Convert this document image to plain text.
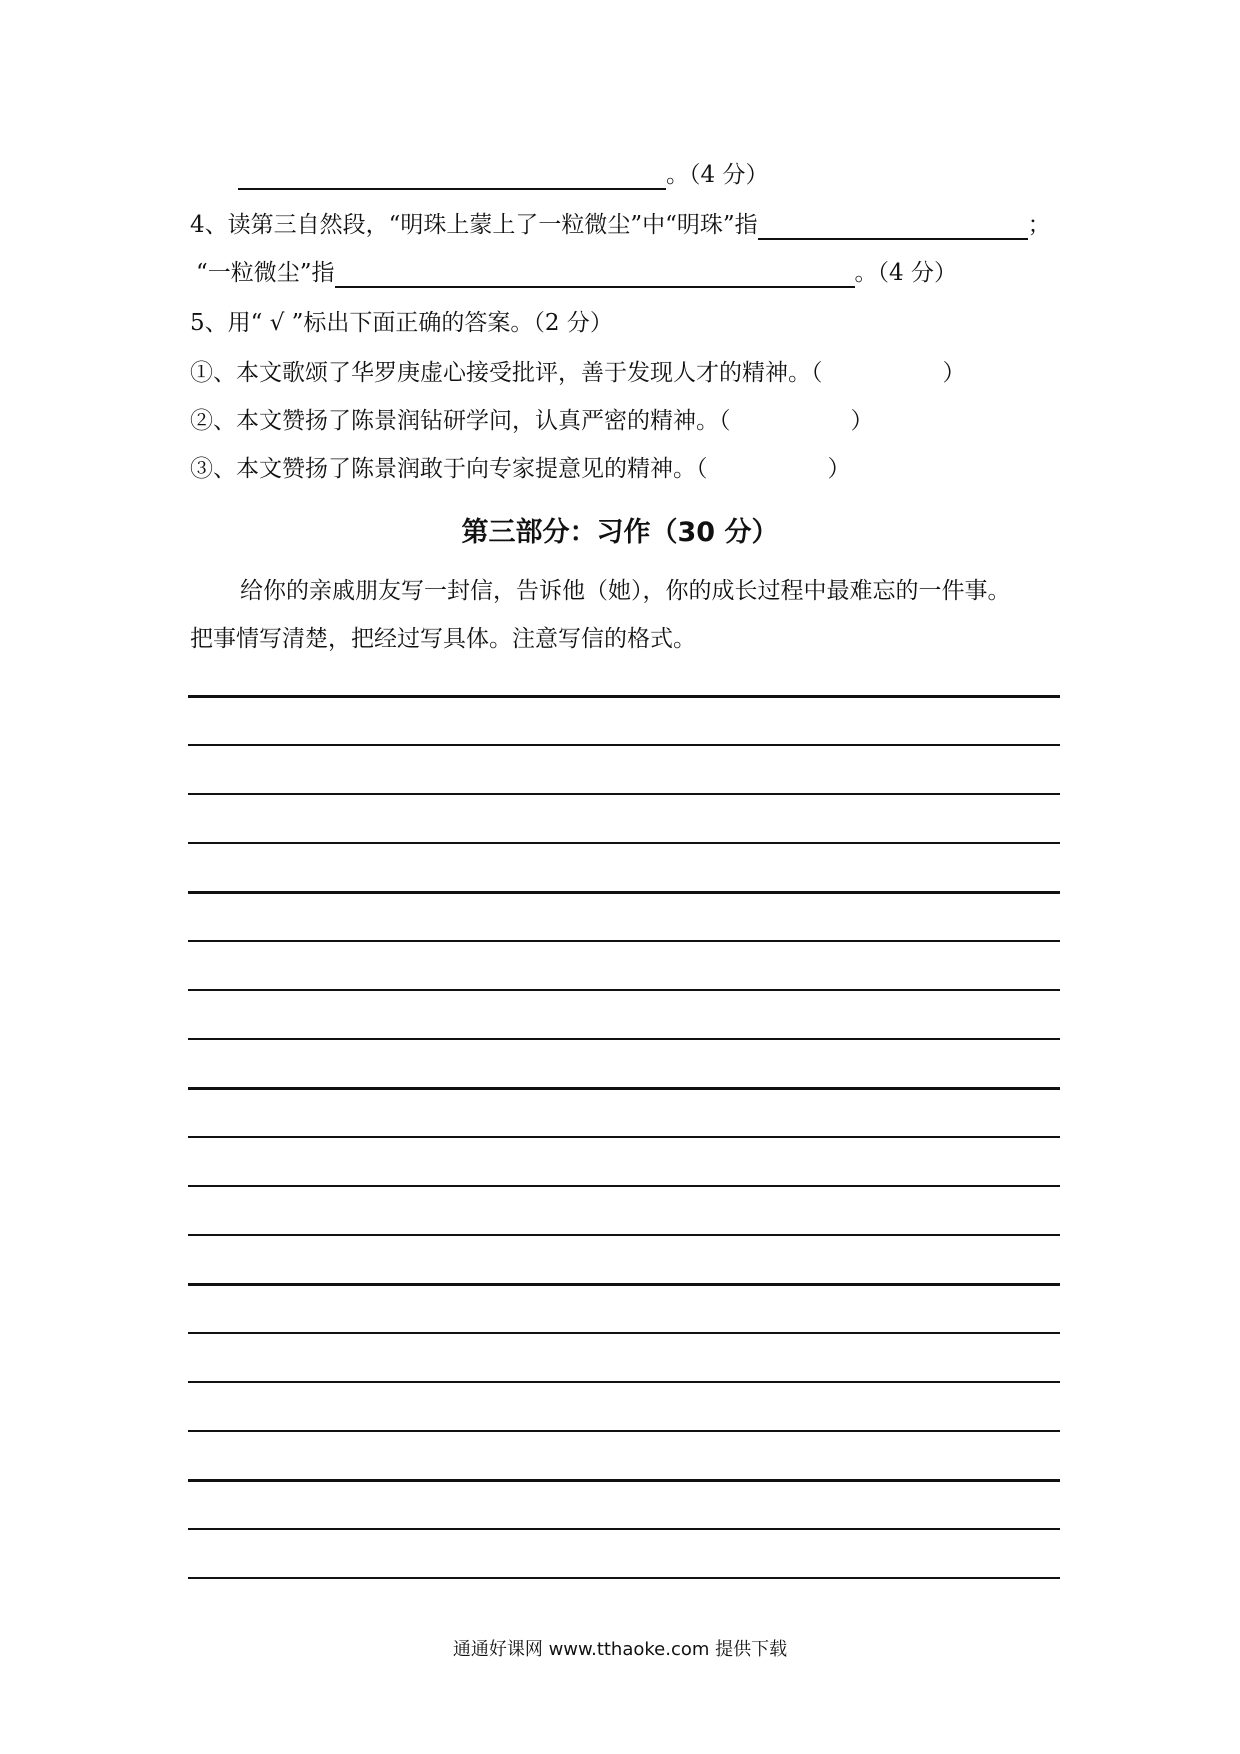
。（4 分）
4、读第三自然段，“明珠上蒙上了一粒微尘”中“明珠”指	；
“一粒微尘”指	。（4 分）
5、用“ √ ”标出下面正确的答案。（2 分）
①、本文歌颂了华罗庚虚心接受批评，善于发现人才的精神。（	）
②、本文赞扬了陈景润钻研学问，认真严密的精神。（	）
③、本文赞扬了陈景润敢于向专家提意见的精神。（	）
第三部分：习作（30 分）
给你的亲戚朋友写一封信，告诉他（她），你的成长过程中最难忘的一件事。
把事情写清楚，把经过写具体。注意写信的格式。
通通好课网 www.tthaoke.com 提供下载
